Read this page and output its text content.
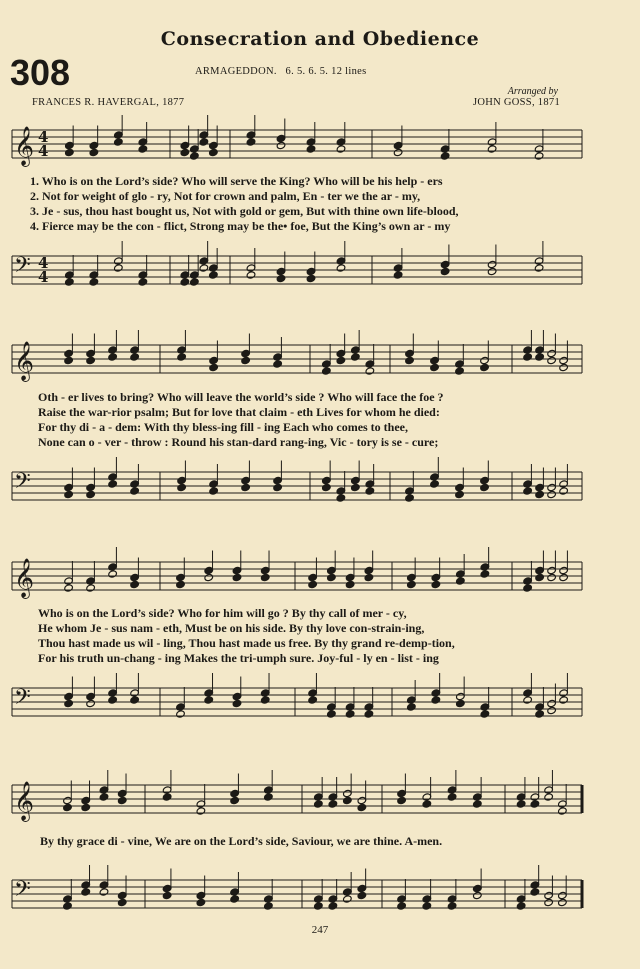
Consecration and Obedience
308	ARMAGEDDON. 6. 5. 6. 5. 12 lines
Arranged by
FRANCES R. HAVERGAL, 1877	JOHN GOSS, 1871
𝄞 4
4
1. Who is on the Lord’s side? Who will serve the King? Who will be his help - ers
2. Not for weight of glo - ry, Not for crown and palm, En - ter we the ar - my,
3. Je - sus, thou hast bought us, Not with gold or gem, But with thine own life-blood,
4. Fierce may be the con - flict, Strong may be the• foe, But the King’s own ar - my
𝄢 4
4
𝄞
Oth - er lives to bring? Who will leave the world’s side ? Who will face the foe ?
Raise the war-rior psalm; But for love that claim - eth Lives for whom he died:
For thy di - a - dem: With thy bless-ing fill - ing Each who comes to thee,
None can o - ver - throw : Round his stan-dard rang-ing, Vic - tory is se - cure;
𝄢
𝄞
Who is on the Lord’s side? Who for him will go ? By thy call of mer - cy,
He whom Je - sus nam - eth, Must be on his side. By thy love con-strain-ing,
Thou hast made us wil - ling, Thou hast made us free. By thy grand re-demp-tion,
For his truth un-chang - ing Makes the tri-umph sure. Joy-ful - ly en - list - ing
𝄢
𝄞
By thy grace di - vine, We are on the Lord’s side, Saviour, we are thine. A-men.
𝄢
247
